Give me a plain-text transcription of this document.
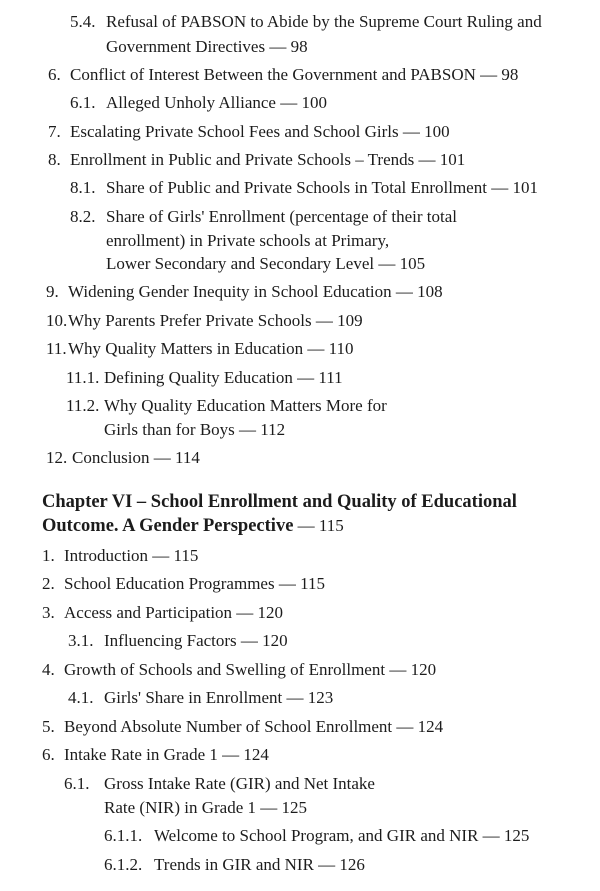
5.4. Refusal of PABSON to Abide by the Supreme Court Ruling and
Government Directives — 98
6. Conflict of Interest Between the Government and PABSON — 98
6.1. Alleged Unholy Alliance — 100
7. Escalating Private School Fees and School Girls — 100
8. Enrollment in Public and Private Schools – Trends — 101
8.1. Share of Public and Private Schools in Total Enrollment — 101
8.2. Share of Girls' Enrollment (percentage of their total
enrollment) in Private schools at Primary,
Lower Secondary and Secondary Level — 105
9. Widening Gender Inequity in School Education — 108
10. Why Parents Prefer Private Schools — 109
11. Why Quality Matters in Education — 110
11.1. Defining Quality Education — 111
11.2. Why Quality Education Matters More for
Girls than for Boys — 112
12. Conclusion — 114
Chapter VI – School Enrollment and Quality of Educational
Outcome. A Gender Perspective — 115
1. Introduction — 115
2. School Education Programmes — 115
3. Access and Participation — 120
3.1. Influencing Factors — 120
4. Growth of Schools and Swelling of Enrollment — 120
4.1. Girls' Share in Enrollment — 123
5. Beyond Absolute Number of School Enrollment — 124
6. Intake Rate in Grade 1 — 124
6.1. Gross Intake Rate (GIR) and Net Intake
Rate (NIR) in Grade 1 — 125
6.1.1. Welcome to School Program, and GIR and NIR — 125
6.1.2. Trends in GIR and NIR — 126
